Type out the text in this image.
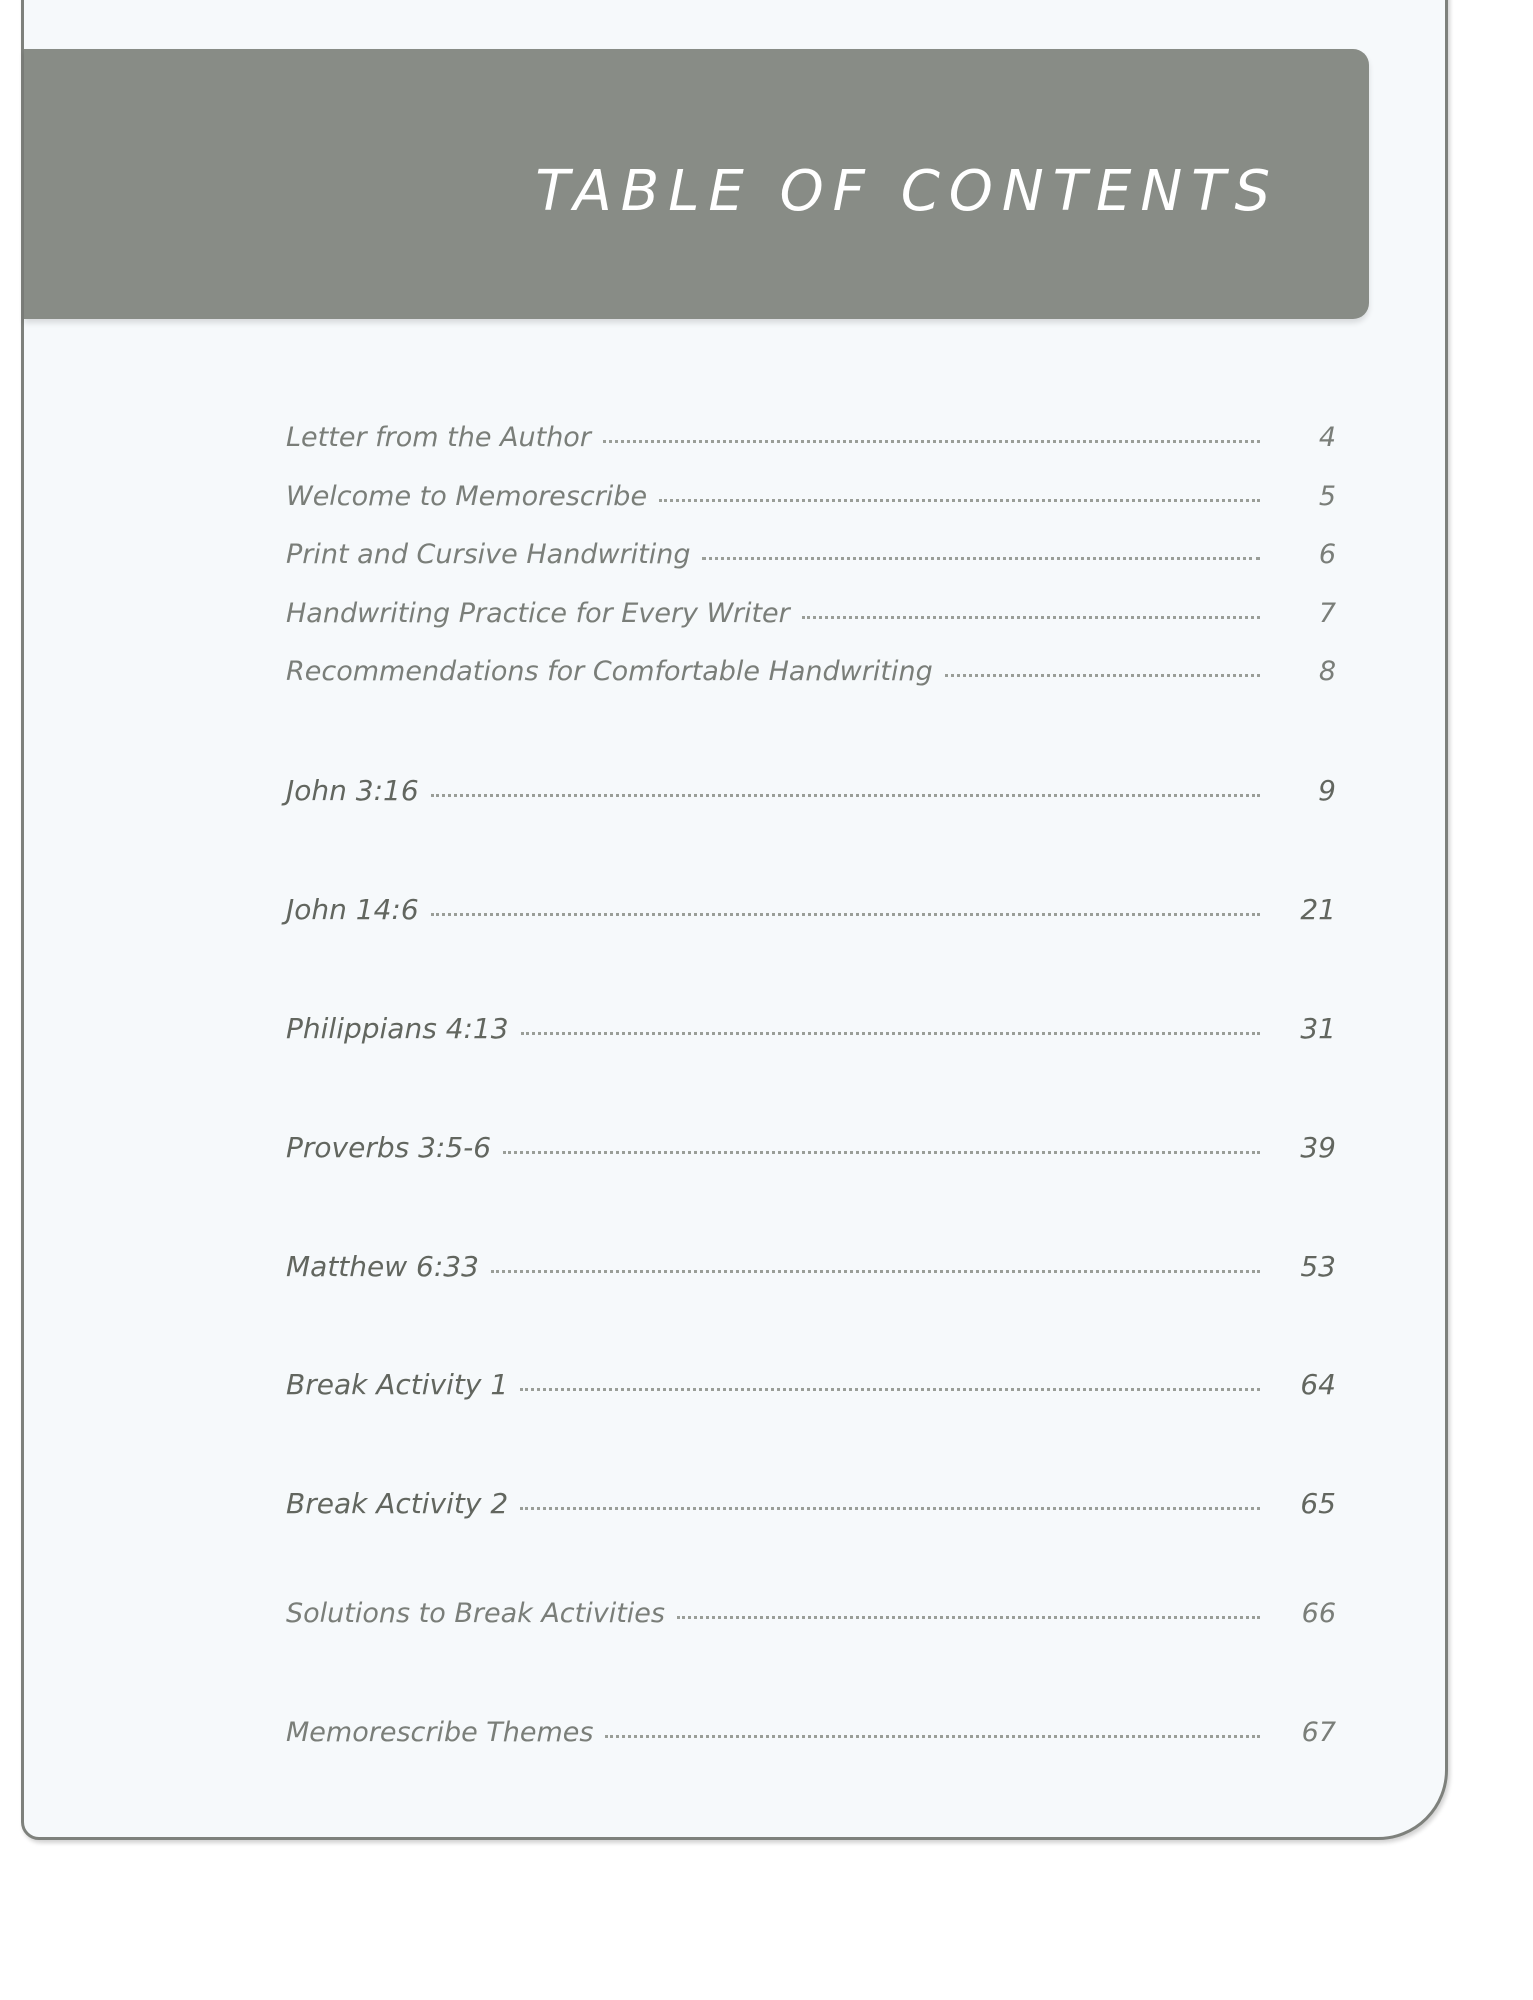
TABLE OF CONTENTS
Letter from the Author	4
Welcome to Memorescribe	5
Print and Cursive Handwriting	6
Handwriting Practice for Every Writer	7
Recommendations for Comfortable Handwriting	8
John 3:16	9
John 14:6	21
Philippians 4:13	31
Proverbs 3:5-6	39
Matthew 6:33	53
Break Activity 1	64
Break Activity 2	65
Solutions to Break Activities	66
Memorescribe Themes	67
